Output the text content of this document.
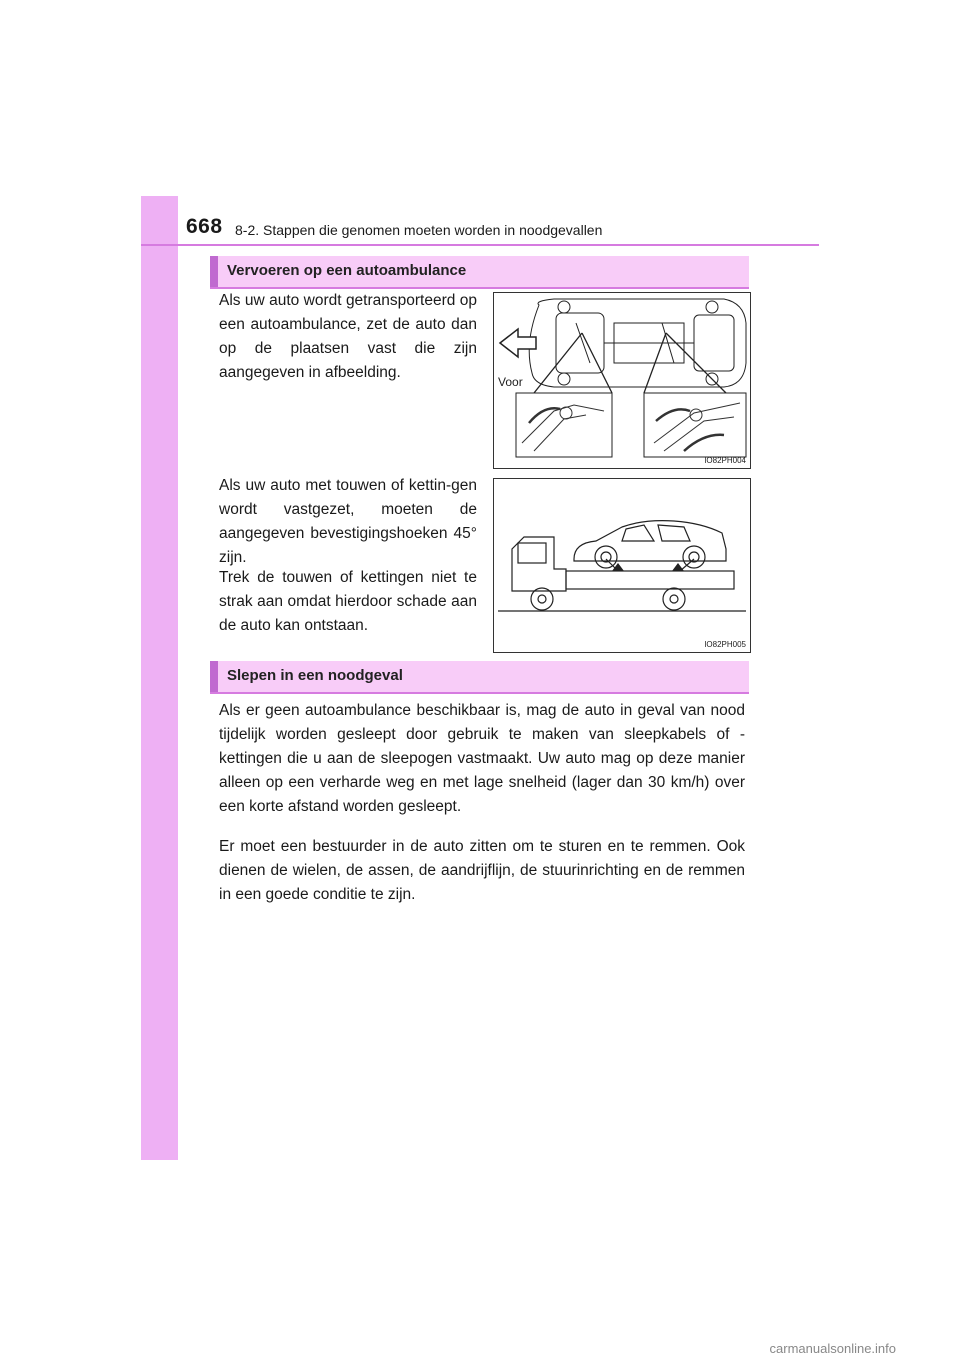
668 8-2. Stappen die genomen moeten worden in noodgevallen
Vervoeren op een autoambulance

Als uw auto wordt getransporteerd op een autoambulance, zet de auto dan op de plaatsen vast die zijn aangegeven in afbeelding.

Als uw auto met touwen of kettin-gen wordt vastgezet, moeten de aangegeven bevestigingshoeken 45° zijn.

Trek de touwen of kettingen niet te strak aan omdat hierdoor schade aan de auto kan ontstaan.

Voor
IO82PH004
IO82PH005
Slepen in een noodgeval

Als er geen autoambulance beschikbaar is, mag de auto in geval van nood tijdelijk worden gesleept door gebruik te maken van sleepkabels of -kettingen die u aan de sleepogen vastmaakt. Uw auto mag op deze manier alleen op een verharde weg en met lage snelheid (lager dan 30 km/h) over een korte afstand worden gesleept.

Er moet een bestuurder in de auto zitten om te sturen en te remmen. Ook dienen de wielen, de assen, de aandrijflijn, de stuurinrichting en de remmen in een goede conditie te zijn.

carmanualsonline.info
